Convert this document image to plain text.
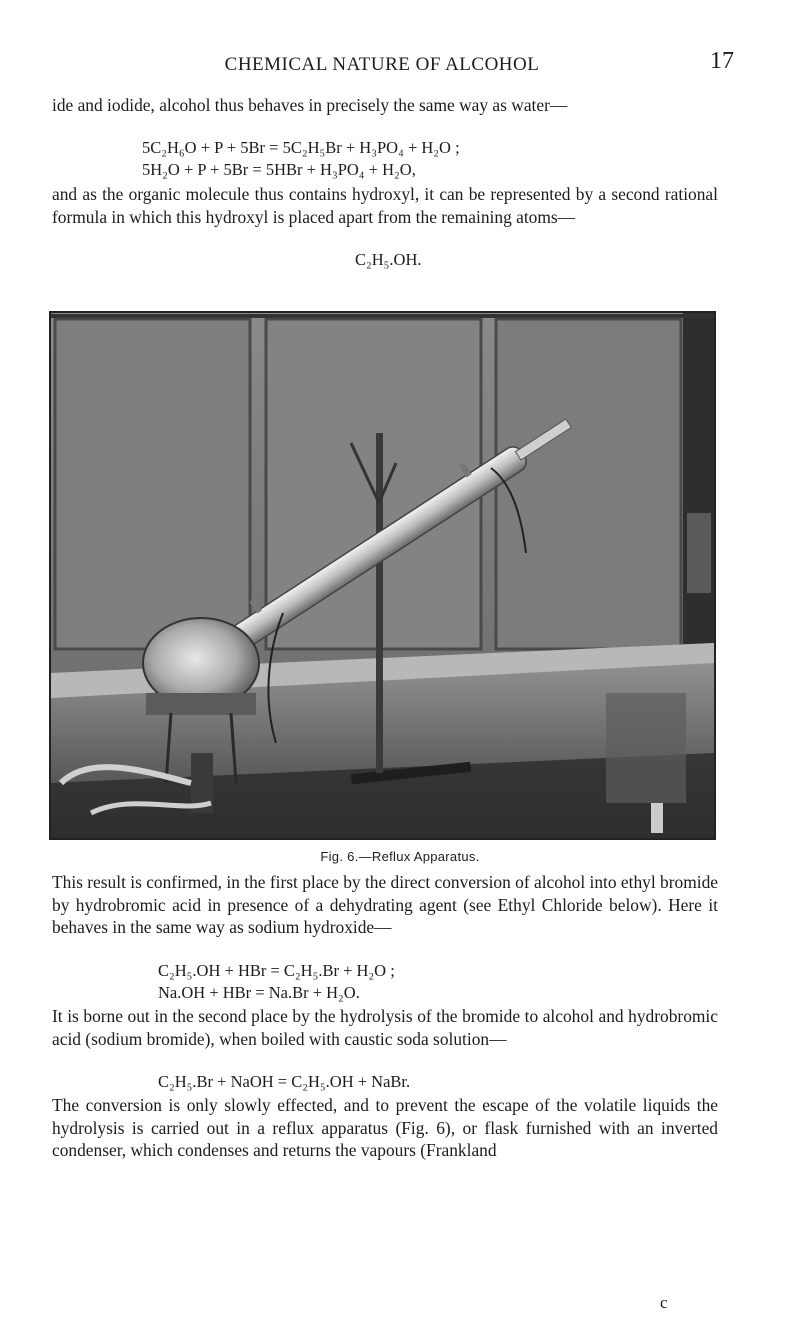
CHEMICAL NATURE OF ALCOHOL	17

ide and iodide, alcohol thus behaves in precisely the same way as water—

5C₂H₆O + P + 5Br = 5C₂H₅Br + H₃PO₄ + H₂O ;

5H₂O + P + 5Br = 5HBr + H₃PO₄ + H₂O,

and as the organic molecule thus contains hydroxyl, it can be represented by a second rational formula in which this hydroxyl is placed apart from the remaining atoms—

C₂H₅.OH.

Fig. 6.—Reflux Apparatus.

This result is confirmed, in the first place by the direct conversion of alcohol into ethyl bromide by hydrobromic acid in presence of a dehydrating agent (see Ethyl Chloride below). Here it behaves in the same way as sodium hydroxide—

C₂H₅.OH + HBr = C₂H₅.Br + H₂O ;

Na.OH + HBr = Na.Br + H₂O.

It is borne out in the second place by the hydrolysis of the bromide to alcohol and hydrobromic acid (sodium bromide), when boiled with caustic soda solution—

C₂H₅.Br + NaOH = C₂H₅.OH + NaBr.

The conversion is only slowly effected, and to prevent the escape of the volatile liquids the hydrolysis is carried out in a reflux apparatus (Fig. 6), or flask furnished with an inverted condenser, which condenses and returns the vapours (Frankland

c
